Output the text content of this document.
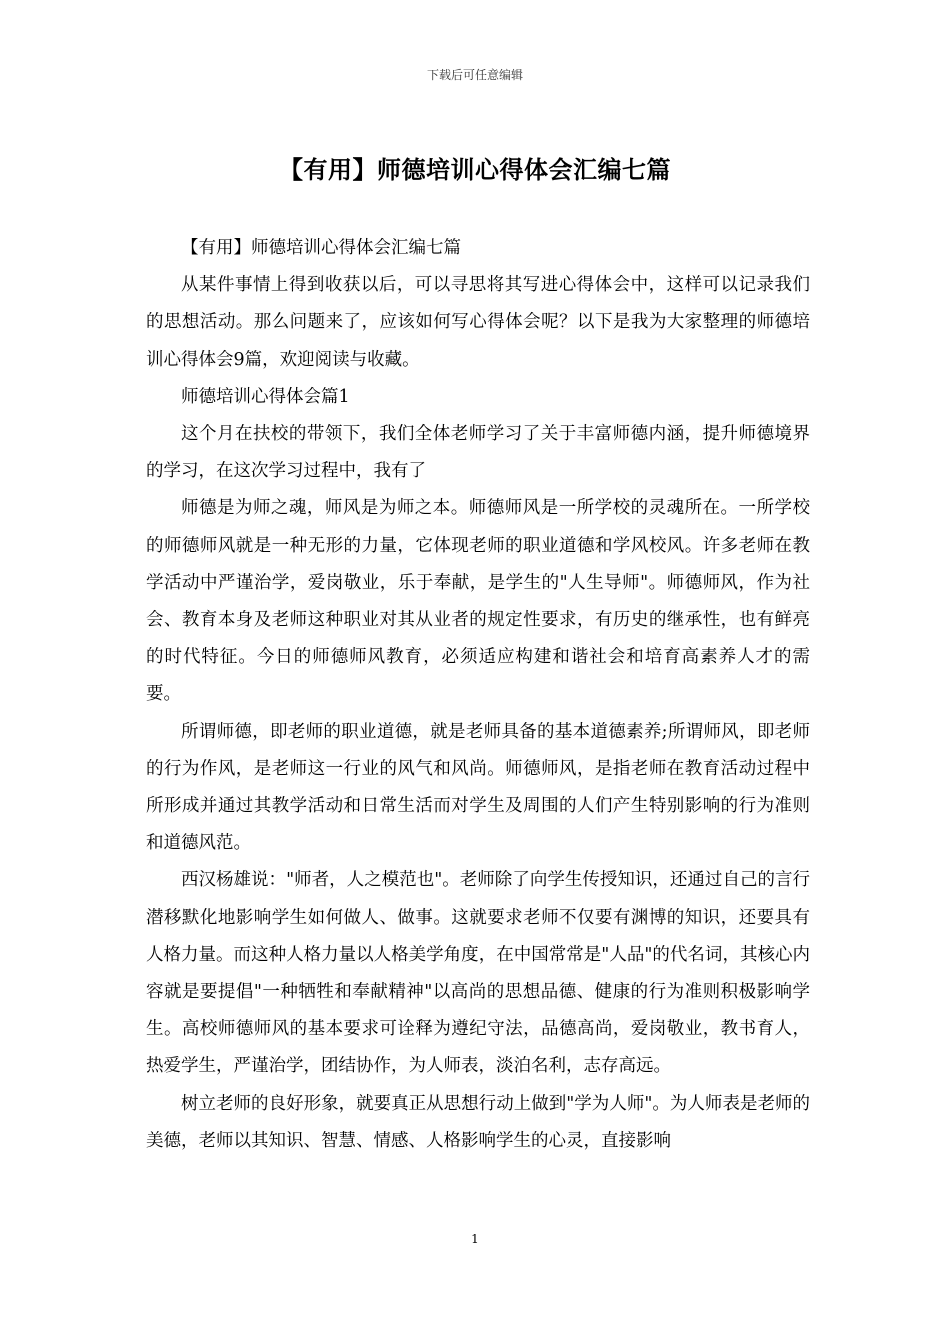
下载后可任意编辑
【有用】师德培训心得体会汇编七篇

【有用】师德培训心得体会汇编七篇

从某件事情上得到收获以后，可以寻思将其写进心得体会中，这样可以记录我们的思想活动。那么问题来了，应该如何写心得体会呢？以下是我为大家整理的师德培训心得体会9篇，欢迎阅读与收藏。

师德培训心得体会篇1

这个月在扶校的带领下，我们全体老师学习了关于丰富师德内涵，提升师德境界的学习，在这次学习过程中，我有了

师德是为师之魂，师风是为师之本。师德师风是一所学校的灵魂所在。一所学校的师德师风就是一种无形的力量，它体现老师的职业道德和学风校风。许多老师在教学活动中严谨治学，爱岗敬业，乐于奉献，是学生的"人生导师"。师德师风，作为社会、教育本身及老师这种职业对其从业者的规定性要求，有历史的继承性，也有鲜亮的时代特征。今日的师德师风教育，必须适应构建和谐社会和培育高素养人才的需要。

所谓师德，即老师的职业道德，就是老师具备的基本道德素养;所谓师风，即老师的行为作风，是老师这一行业的风气和风尚。师德师风，是指老师在教育活动过程中所形成并通过其教学活动和日常生活而对学生及周围的人们产生特别影响的行为准则和道德风范。

西汉杨雄说："师者，人之模范也"。老师除了向学生传授知识，还通过自己的言行潜移默化地影响学生如何做人、做事。这就要求老师不仅要有渊博的知识，还要具有人格力量。而这种人格力量以人格美学角度，在中国常常是"人品"的代名词，其核心内容就是要提倡"一种牺牲和奉献精神"以高尚的思想品德、健康的行为准则积极影响学生。高校师德师风的基本要求可诠释为遵纪守法，品德高尚，爱岗敬业，教书育人，热爱学生，严谨治学，团结协作，为人师表，淡泊名利，志存高远。

树立老师的良好形象，就要真正从思想行动上做到"学为人师"。为人师表是老师的美德，老师以其知识、智慧、情感、人格影响学生的心灵，直接影响

1
